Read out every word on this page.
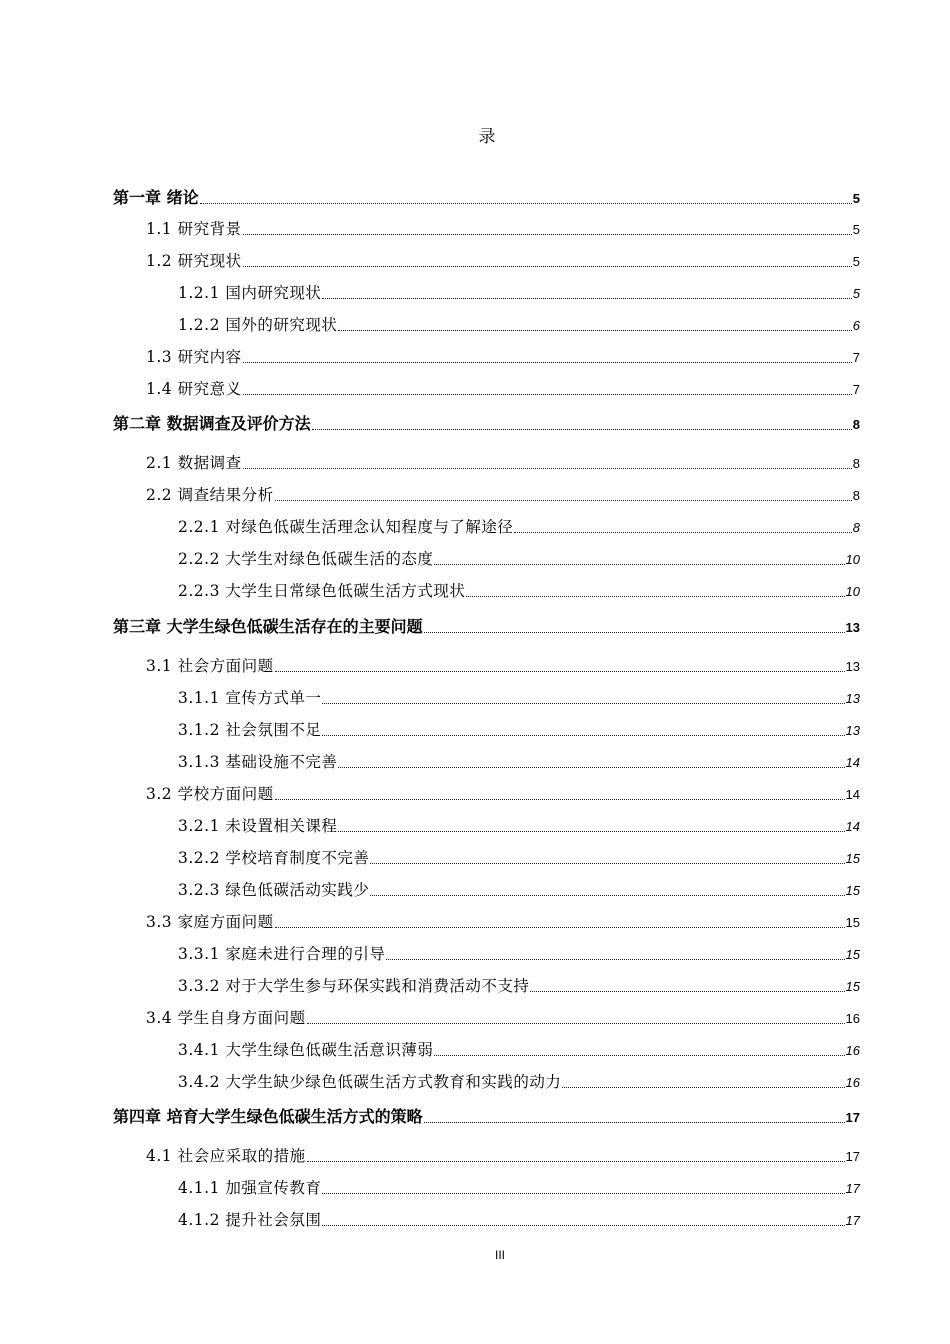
录
第一章 绪论	5
1.1 研究背景	5
1.2 研究现状	5
1.2.1 国内研究现状	5
1.2.2 国外的研究现状	6
1.3 研究内容	7
1.4 研究意义	7
第二章 数据调查及评价方法	8
2.1 数据调查	8
2.2 调查结果分析	8
2.2.1 对绿色低碳生活理念认知程度与了解途径	8
2.2.2 大学生对绿色低碳生活的态度	10
2.2.3 大学生日常绿色低碳生活方式现状	10
第三章 大学生绿色低碳生活存在的主要问题	13
3.1 社会方面问题	13
3.1.1 宣传方式单一	13
3.1.2 社会氛围不足	13
3.1.3 基础设施不完善	14
3.2 学校方面问题	14
3.2.1 未设置相关课程	14
3.2.2 学校培育制度不完善	15
3.2.3 绿色低碳活动实践少	15
3.3 家庭方面问题	15
3.3.1 家庭未进行合理的引导	15
3.3.2 对于大学生参与环保实践和消费活动不支持	15
3.4 学生自身方面问题	16
3.4.1 大学生绿色低碳生活意识薄弱	16
3.4.2 大学生缺少绿色低碳生活方式教育和实践的动力	16
第四章 培育大学生绿色低碳生活方式的策略	17
4.1 社会应采取的措施	17
4.1.1 加强宣传教育	17
4.1.2 提升社会氛围	17
III
